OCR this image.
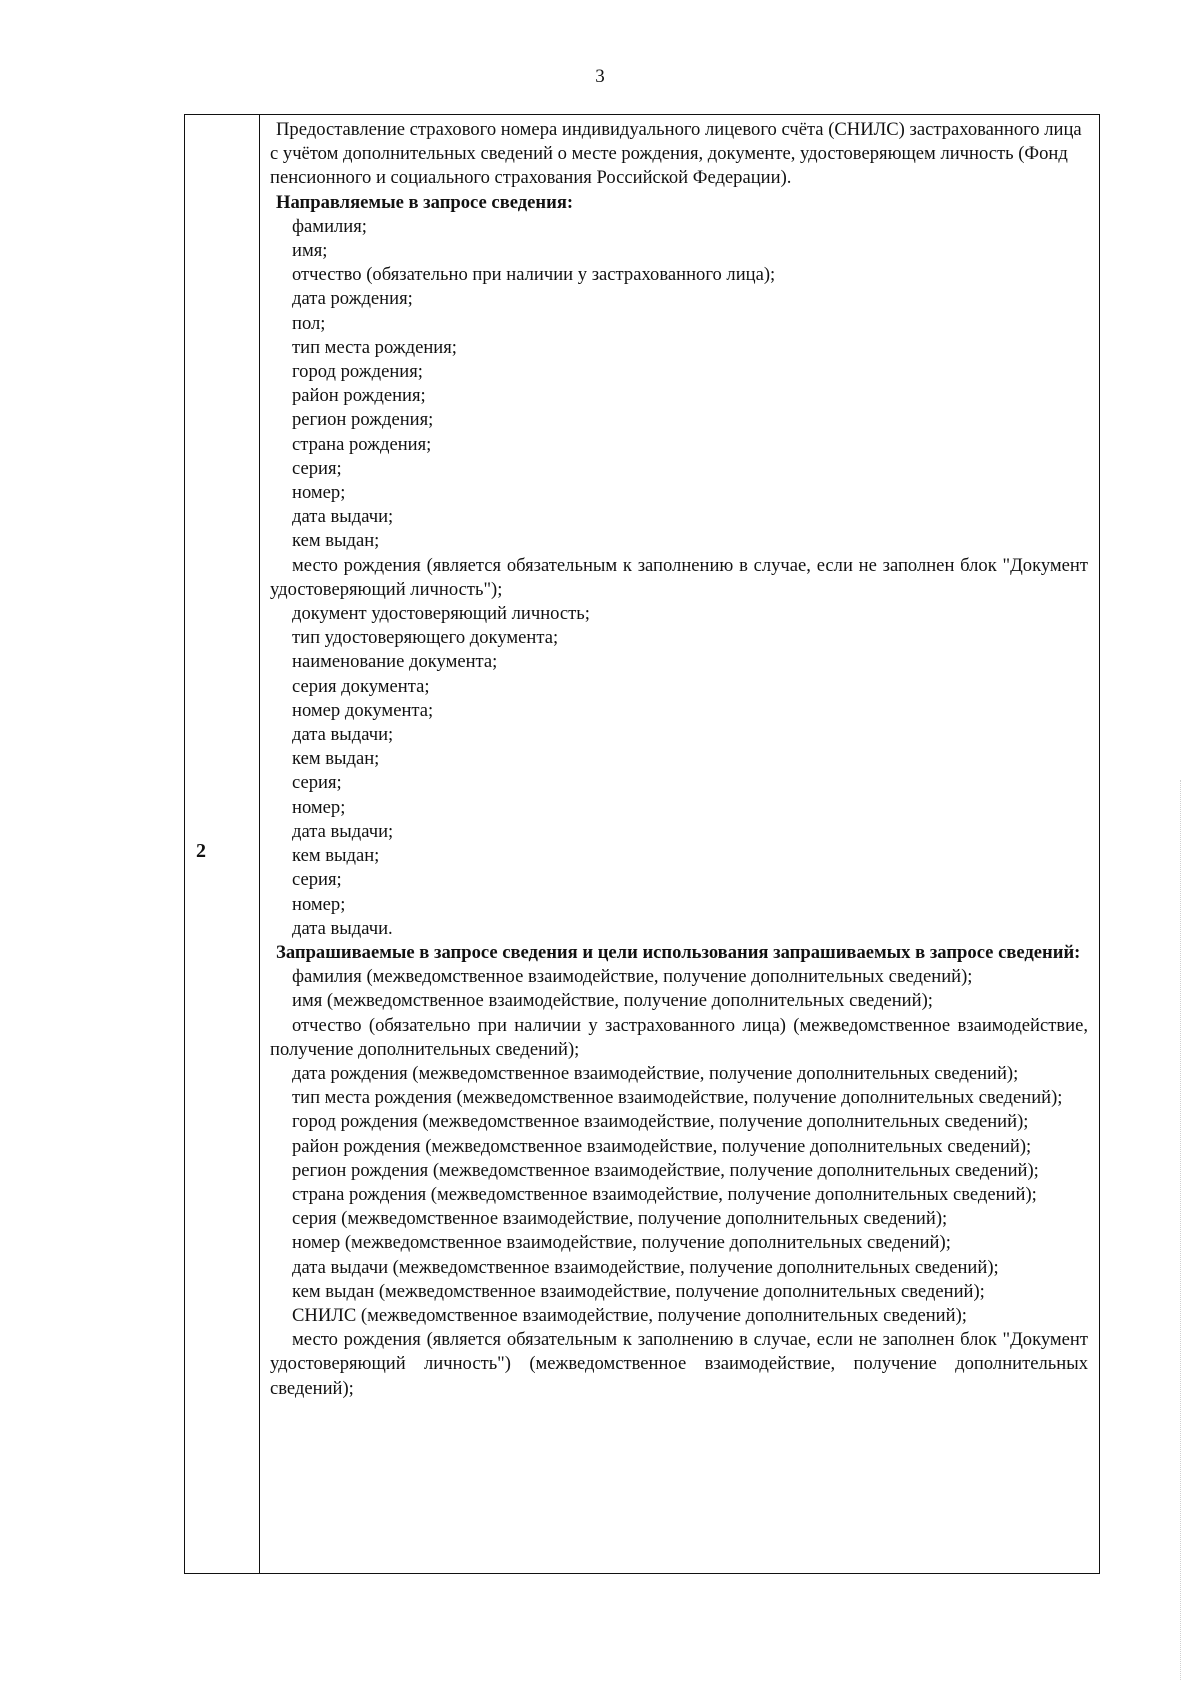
3
2

Предоставление страхового номера индивидуального лицевого счёта (СНИЛС) застрахованного лица с учётом дополнительных сведений о месте рождения, документе, удостоверяющем личность (Фонд пенсионного и социального страхования Российской Федерации).

Направляемые в запросе сведения:

фамилия;

имя;

отчество (обязательно при наличии у застрахованного лица);

дата рождения;

пол;

тип места рождения;

город рождения;

район рождения;

регион рождения;

страна рождения;

серия;

номер;

дата выдачи;

кем выдан;

место рождения (является обязательным к заполнению в случае, если не заполнен блок "Документ удостоверяющий личность");

документ удостоверяющий личность;

тип удостоверяющего документа;

наименование документа;

серия документа;

номер документа;

дата выдачи;

кем выдан;

серия;

номер;

дата выдачи;

кем выдан;

серия;

номер;

дата выдачи.

Запрашиваемые в запросе сведения и цели использования запрашиваемых в запросе сведений:

фамилия (межведомственное взаимодействие, получение дополнительных сведений);

имя (межведомственное взаимодействие, получение дополнительных сведений);

отчество (обязательно при наличии у застрахованного лица) (межведомственное взаимодействие, получение дополнительных сведений);

дата рождения (межведомственное взаимодействие, получение дополнительных сведений);

тип места рождения (межведомственное взаимодействие, получение дополнительных сведений);

город рождения (межведомственное взаимодействие, получение дополнительных сведений);

район рождения (межведомственное взаимодействие, получение дополнительных сведений);

регион рождения (межведомственное взаимодействие, получение дополнительных сведений);

страна рождения (межведомственное взаимодействие, получение дополнительных сведений);

серия (межведомственное взаимодействие, получение дополнительных сведений);

номер (межведомственное взаимодействие, получение дополнительных сведений);

дата выдачи (межведомственное взаимодействие, получение дополнительных сведений);

кем выдан (межведомственное взаимодействие, получение дополнительных сведений);

СНИЛС (межведомственное взаимодействие, получение дополнительных сведений);

место рождения (является обязательным к заполнению в случае, если не заполнен блок "Документ удостоверяющий личность") (межведомственное взаимодействие, получение дополнительных сведений);
